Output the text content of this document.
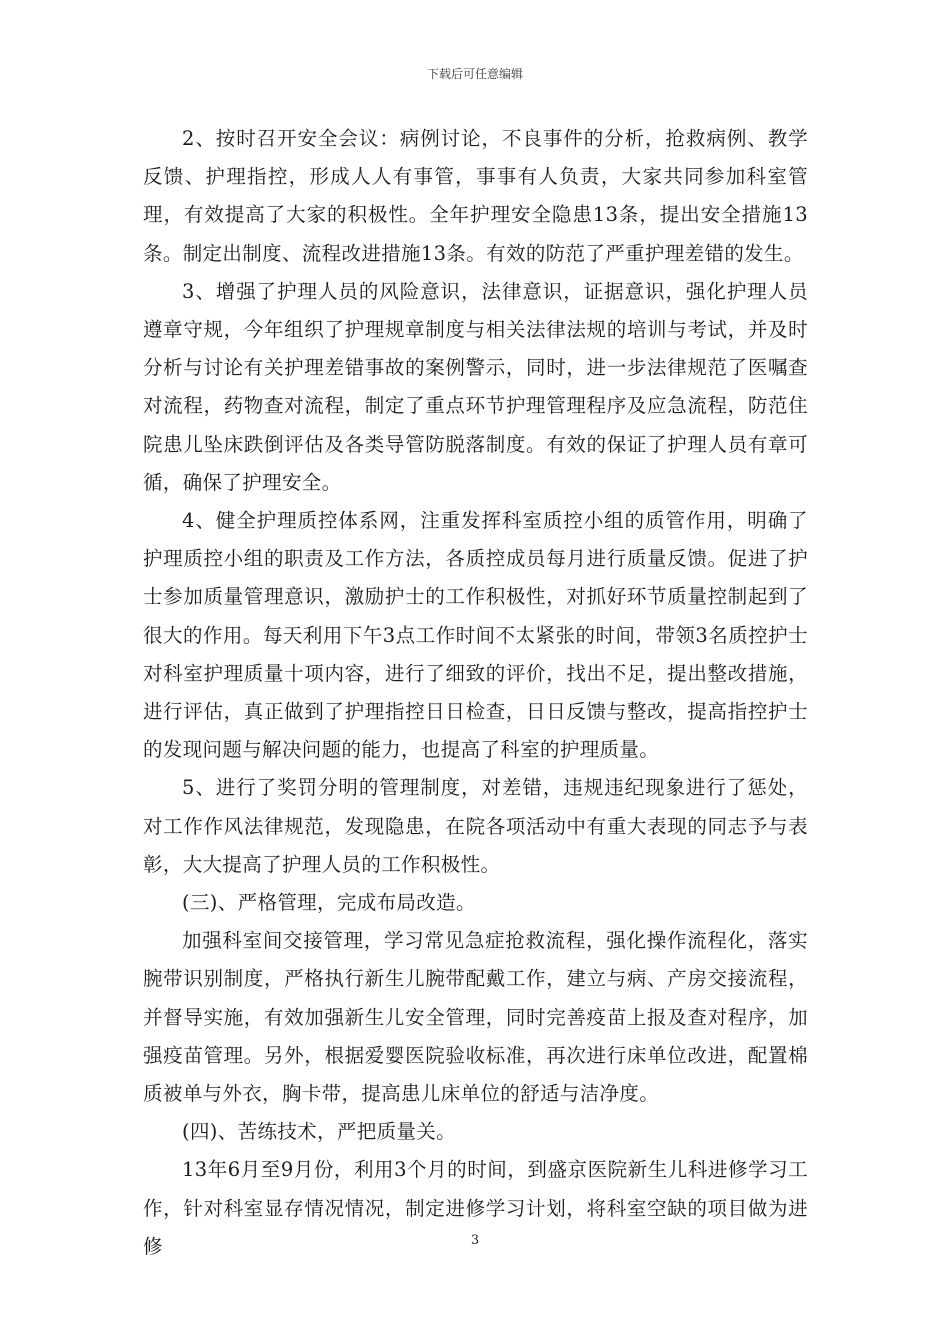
下载后可任意编辑

2、按时召开安全会议：病例讨论，不良事件的分析，抢救病例、教学反馈、护理指控，形成人人有事管，事事有人负责，大家共同参加科室管理，有效提高了大家的积极性。全年护理安全隐患13条，提出安全措施13条。制定出制度、流程改进措施13条。有效的防范了严重护理差错的发生。

3、增强了护理人员的风险意识，法律意识，证据意识，强化护理人员遵章守规，今年组织了护理规章制度与相关法律法规的培训与考试，并及时分析与讨论有关护理差错事故的案例警示，同时，进一步法律规范了医嘱查对流程，药物查对流程，制定了重点环节护理管理程序及应急流程，防范住院患儿坠床跌倒评估及各类导管防脱落制度。有效的保证了护理人员有章可循，确保了护理安全。

4、健全护理质控体系网，注重发挥科室质控小组的质管作用，明确了护理质控小组的职责及工作方法，各质控成员每月进行质量反馈。促进了护士参加质量管理意识，激励护士的工作积极性，对抓好环节质量控制起到了很大的作用。每天利用下午3点工作时间不太紧张的时间，带领3名质控护士对科室护理质量十项内容，进行了细致的评价，找出不足，提出整改措施，进行评估，真正做到了护理指控日日检查，日日反馈与整改，提高指控护士的发现问题与解决问题的能力，也提高了科室的护理质量。

5、进行了奖罚分明的管理制度，对差错，违规违纪现象进行了惩处，对工作作风法律规范，发现隐患，在院各项活动中有重大表现的同志予与表彰，大大提高了护理人员的工作积极性。

(三)、严格管理，完成布局改造。

加强科室间交接管理，学习常见急症抢救流程，强化操作流程化，落实腕带识别制度，严格执行新生儿腕带配戴工作，建立与病、产房交接流程，并督导实施，有效加强新生儿安全管理，同时完善疫苗上报及查对程序，加强疫苗管理。另外，根据爱婴医院验收标准，再次进行床单位改进，配置棉质被单与外衣，胸卡带，提高患儿床单位的舒适与洁净度。

(四)、苦练技术，严把质量关。

13年6月至9月份，利用3个月的时间，到盛京医院新生儿科进修学习工作，针对科室显存情况情况，制定进修学习计划，将科室空缺的项目做为进修	3
